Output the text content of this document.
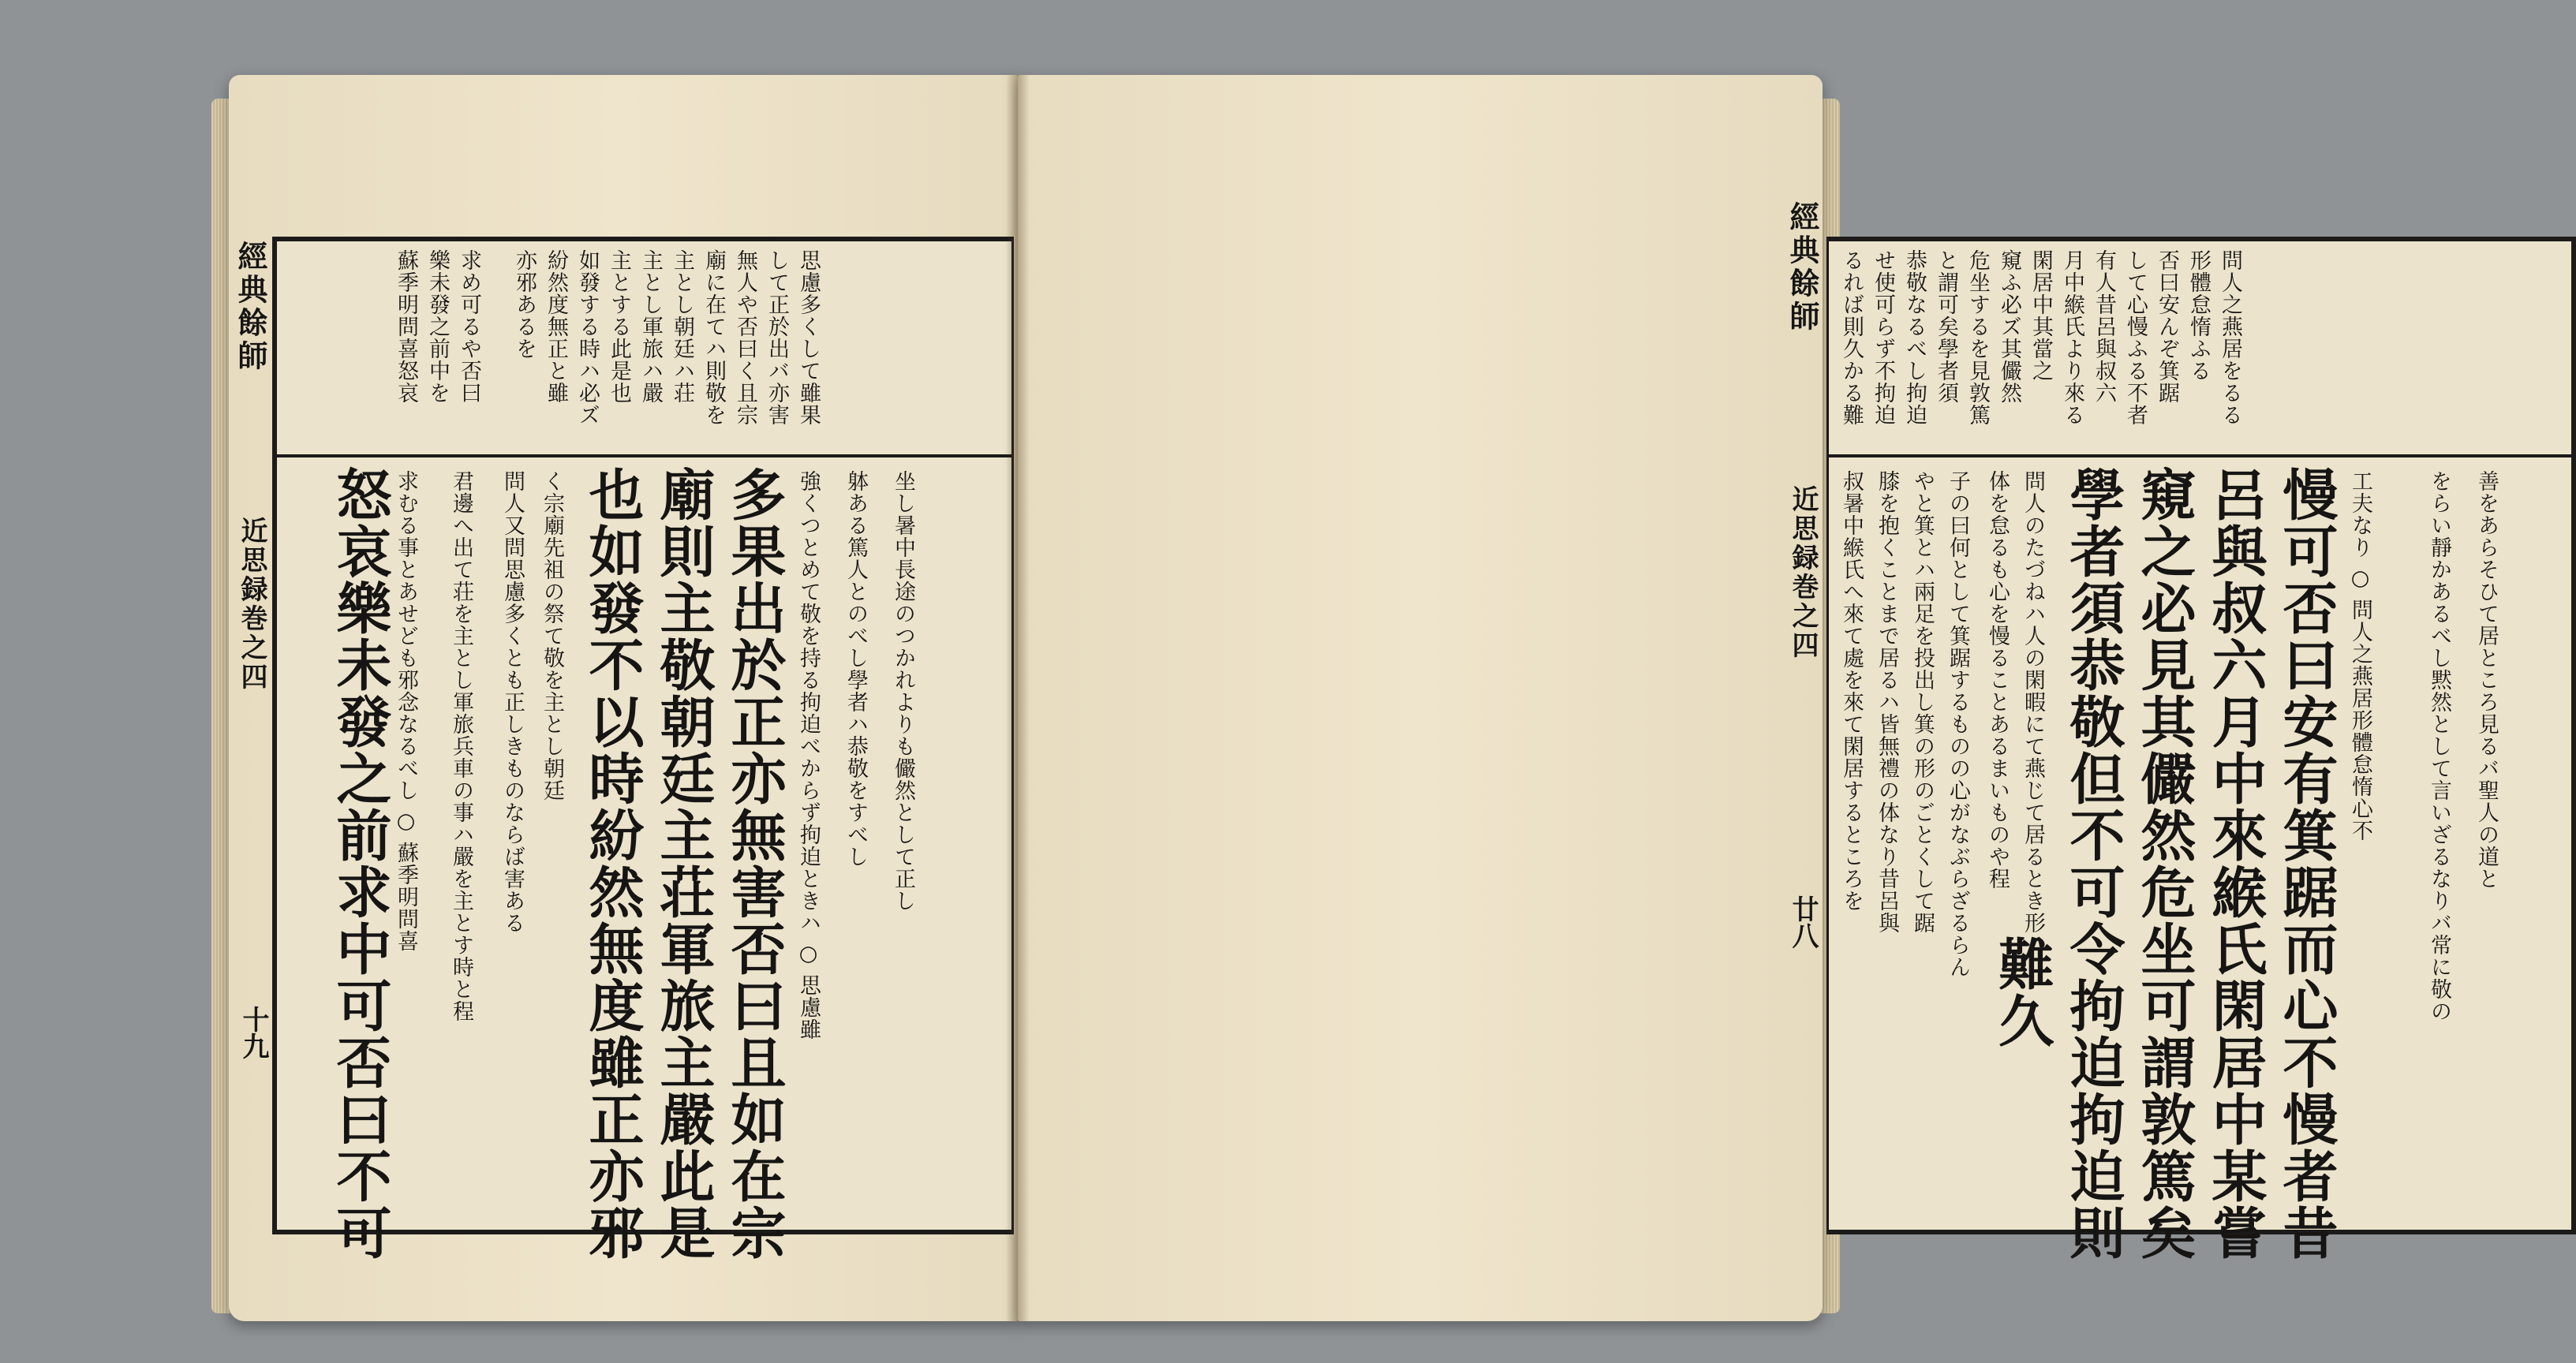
蘇季明問喜怒哀 樂未發之前中を 求め可るや否曰 亦邪あるを 紛然度無正と雖 如發する時ハ必ズ 主とする此是也 主とし軍旅ハ嚴 主とし朝廷ハ荘 廟に在てハ則敬を 無人や否曰く且宗 して正於出バ亦害 思慮多くして雖果
怒哀樂未發之前求中可否曰不可 求むる事とあせども邪念なるべし ○ 蘇季明問喜 君邊へ出て荘を主とし軍旅兵車の事ハ嚴を主とす時と程 問人又問思慮多くとも正しきものならば害ある く宗廟先祖の祭て敬を主とし朝廷 也如發不以時紛然無度雖正亦邪 廟則主敬朝廷主荘軍旅主嚴此是 多果出於正亦無害否曰且如在宗 強くつとめて敬を持る拘迫べからず拘迫ときハ ○ 思慮雖 躰ある篤人とのべし學者ハ恭敬をすべし 坐し暑中長途のつかれよりも儼然として正し
經典餘師
近思録巻之四
十九
るれば則久かる難 せ使可らず不拘迫 恭敬なるべし拘迫 と謂可矣學者須 危坐するを見敦篤 窺ふ必ズ其儼然 閑居中其當之 月中緱氏より來る 有人昔呂與叔六 して心慢ふる不者 否曰安んぞ箕踞 形體怠惰ふる 問人之燕居をるる
叔暑中緱氏へ來て處を來て閑居するところを 膝を抱くことまで居るハ皆無禮の体なり昔呂與 やと箕とハ兩足を投出し箕の形のごとくして踞 子の曰何として箕踞するものの心がなぶらざるらん 体を怠るも心を慢ることあるまいものや程 問人のたづねハ人の閑暇にて燕じて居るとき形
難久 學者須恭敬但不可令拘迫拘迫則 窺之必見其儼然危坐可謂敦篤矣 呂與叔六月中來緱氏閑居中某嘗 慢可否曰安有箕踞而心不慢者昔 工夫なり ○ 問人之燕居形體怠惰心不	をらい靜かあるべし黙然として言いざるなりバ常に敬の 善をあらそひて居ところ見るバ聖人の道と
經典餘師
近思録巻之四
廿八
